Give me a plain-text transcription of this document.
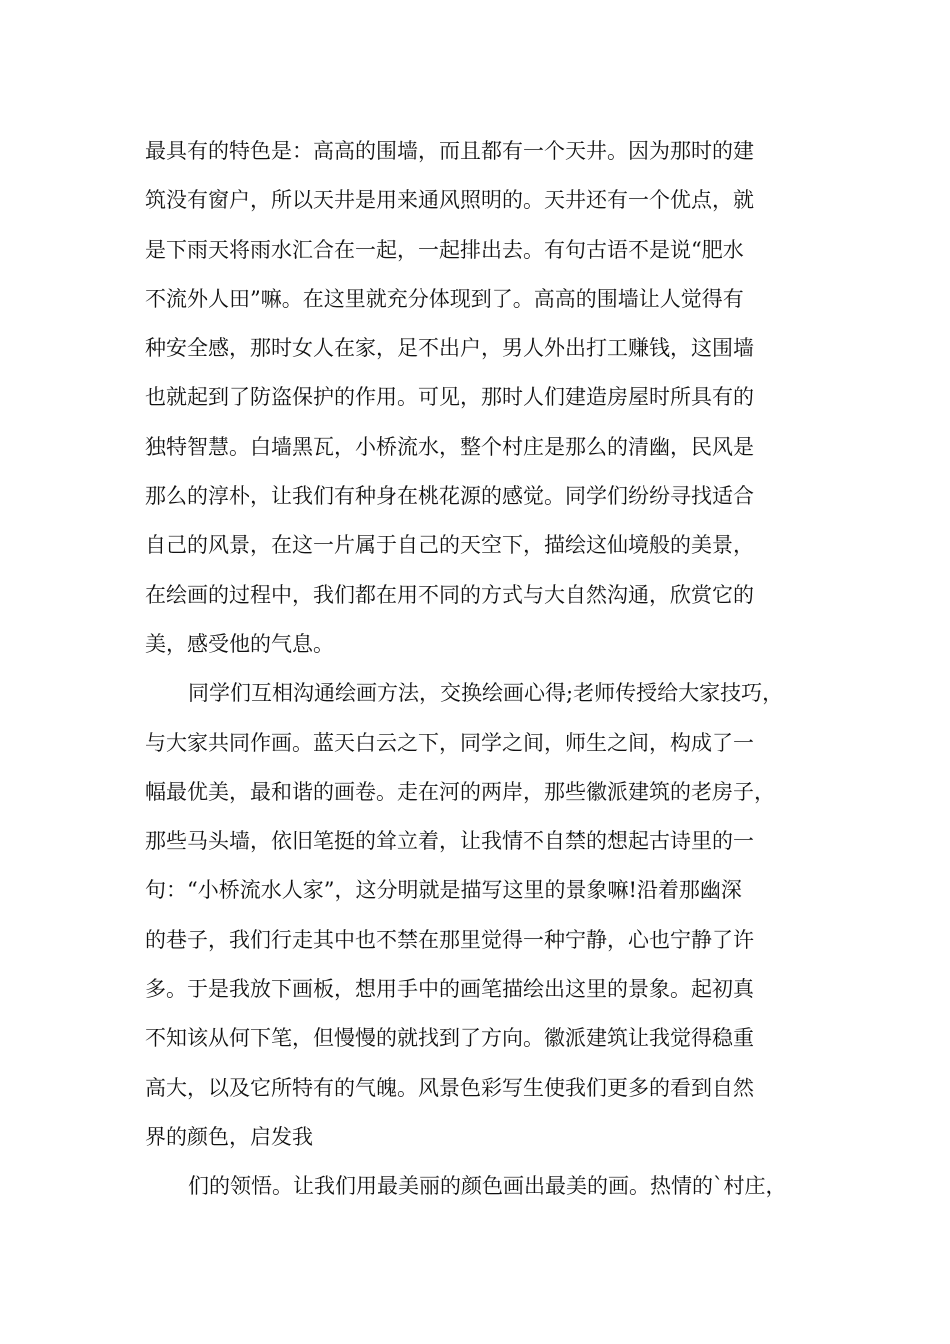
最具有的特色是：高高的围墙，而且都有一个天井。因为那时的建
筑没有窗户，所以天井是用来通风照明的。天井还有一个优点，就
是下雨天将雨水汇合在一起，一起排出去。有句古语不是说“肥水
不流外人田”嘛。在这里就充分体现到了。高高的围墙让人觉得有
种安全感，那时女人在家，足不出户，男人外出打工赚钱，这围墙
也就起到了防盗保护的作用。可见，那时人们建造房屋时所具有的
独特智慧。白墙黑瓦，小桥流水，整个村庄是那么的清幽，民风是
那么的淳朴，让我们有种身在桃花源的感觉。同学们纷纷寻找适合
自己的风景，在这一片属于自己的天空下，描绘这仙境般的美景，
在绘画的过程中，我们都在用不同的方式与大自然沟通，欣赏它的
美，感受他的气息。
同学们互相沟通绘画方法，交换绘画心得;老师传授给大家技巧，
与大家共同作画。蓝天白云之下，同学之间，师生之间，构成了一
幅最优美，最和谐的画卷。走在河的两岸，那些徽派建筑的老房子，
那些马头墙，依旧笔挺的耸立着，让我情不自禁的想起古诗里的一
句：“小桥流水人家”，这分明就是描写这里的景象嘛!沿着那幽深
的巷子，我们行走其中也不禁在那里觉得一种宁静，心也宁静了许
多。于是我放下画板，想用手中的画笔描绘出这里的景象。起初真
不知该从何下笔，但慢慢的就找到了方向。徽派建筑让我觉得稳重
高大，以及它所特有的气魄。风景色彩写生使我们更多的看到自然
界的颜色，启发我
们的领悟。让我们用最美丽的颜色画出最美的画。热情的`村庄，
